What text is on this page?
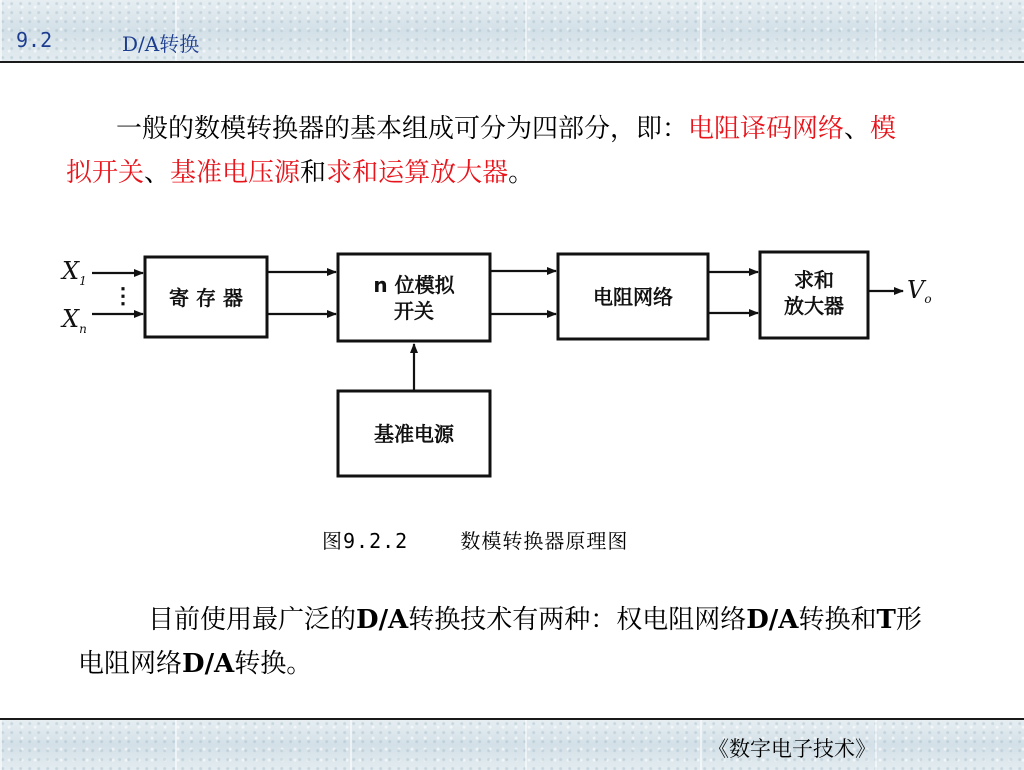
9.2	D/A转换

一般的数模转换器的基本组成可分为四部分，即：电阻译码网络、模拟开关、基准电压源和求和运算放大器。

$X_1$
⋮
$X_n$
寄 存 器
n 位模拟
开关
电阻网络
求和
放大器
$V_o$
基准电源
图9.2.2    数模转换器原理图

目前使用最广泛的D/A转换技术有两种：权电阻网络D/A转换和T形电阻网络D/A转换。

《数字电子技术》
